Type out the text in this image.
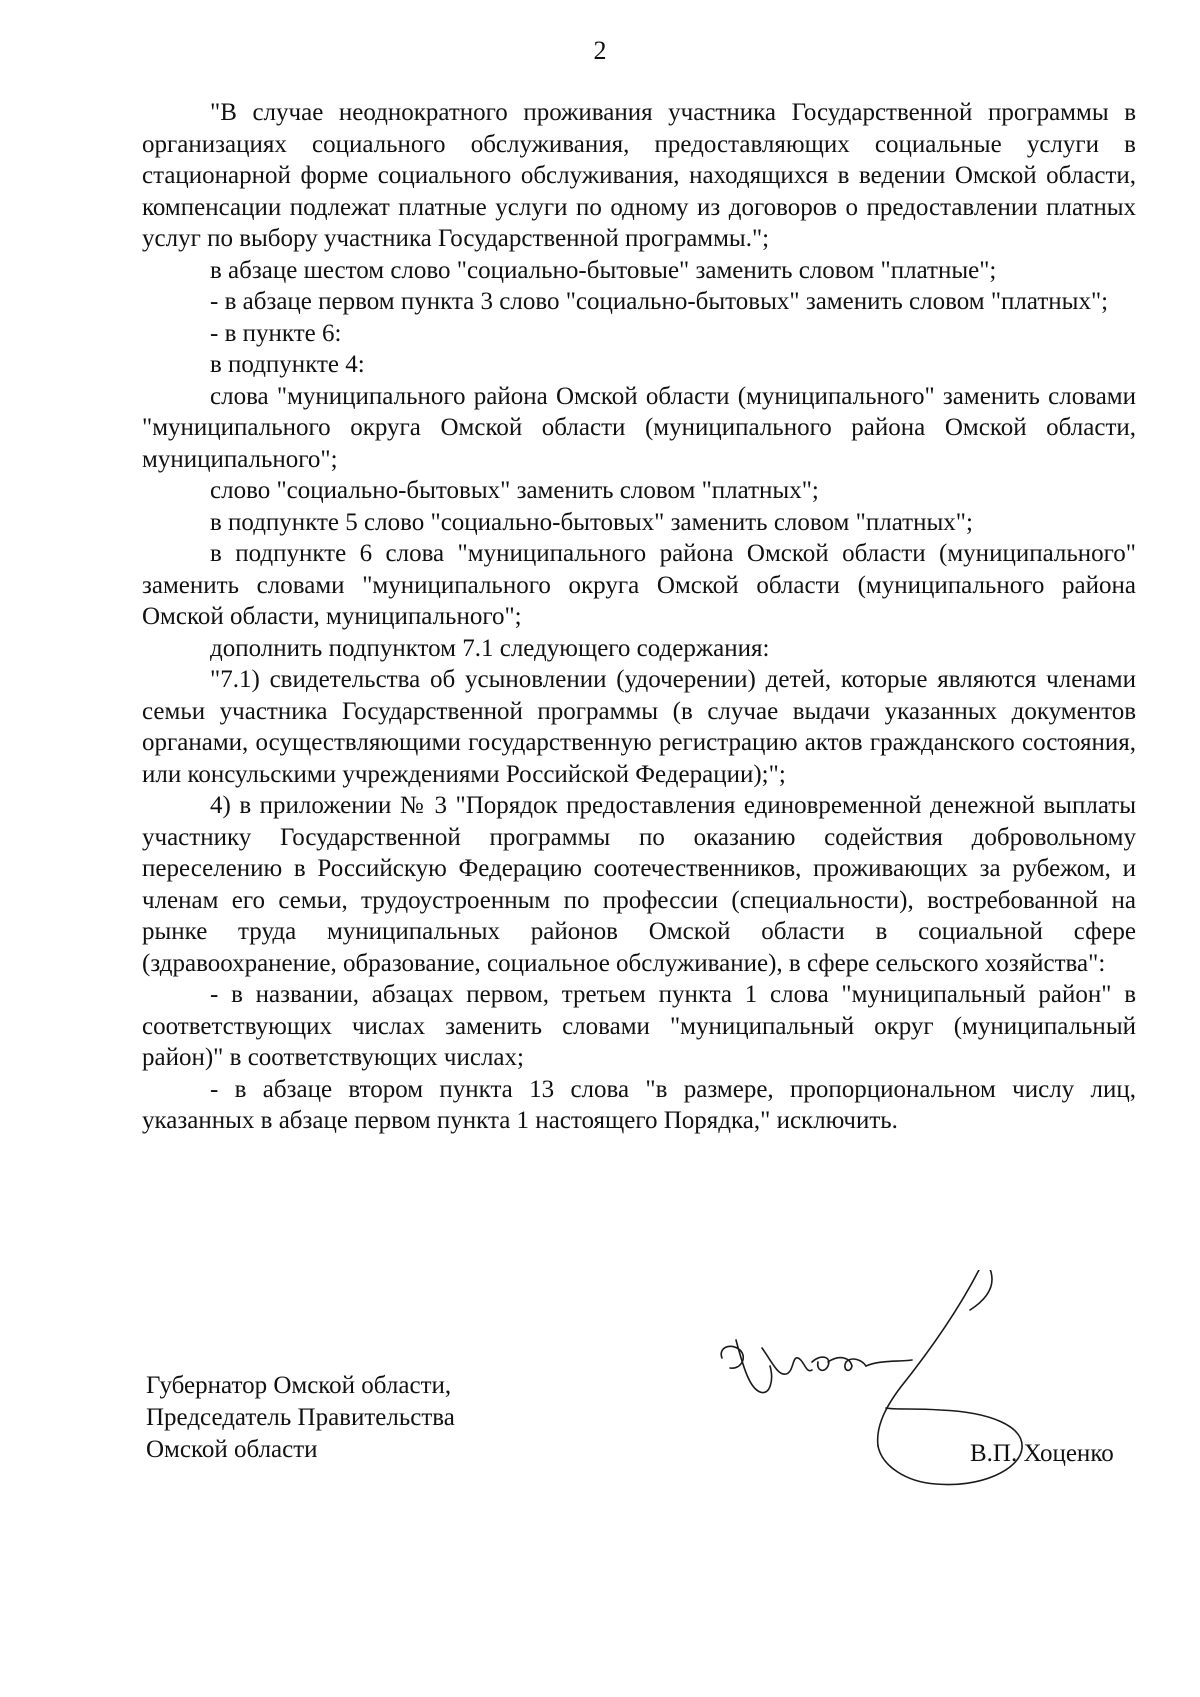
2

"В случае неоднократного проживания участника Государственной программы в организациях социального обслуживания, предоставляющих социальные услуги в стационарной форме социального обслуживания, находящихся в ведении Омской области, компенсации подлежат платные услуги по одному из договоров о предоставлении платных услуг по выбору участника Государственной программы.";

в абзаце шестом слово "социально-бытовые" заменить словом "платные";

- в абзаце первом пункта 3 слово "социально-бытовых" заменить словом "платных";

- в пункте 6:

в подпункте 4:

слова "муниципального района Омской области (муниципального" заменить словами "муниципального округа Омской области (муниципального района Омской области, муниципального";

слово "социально-бытовых" заменить словом "платных";

в подпункте 5 слово "социально-бытовых" заменить словом "платных";

в подпункте 6 слова "муниципального района Омской области (муниципального" заменить словами "муниципального округа Омской области (муниципального района Омской области, муниципального";

дополнить подпунктом 7.1 следующего содержания:

"7.1) свидетельства об усыновлении (удочерении) детей, которые являются членами семьи участника Государственной программы (в случае выдачи указанных документов органами, осуществляющими государственную регистрацию актов гражданского состояния, или консульскими учреждениями Российской Федерации);";

4) в приложении № 3 "Порядок предоставления единовременной денежной выплаты участнику Государственной программы по оказанию содействия добровольному переселению в Российскую Федерацию соотечественников, проживающих за рубежом, и членам его семьи, трудоустроенным по профессии (специальности), востребованной на рынке труда муниципальных районов Омской области в социальной сфере (здравоохранение, образование, социальное обслуживание), в сфере сельского хозяйства":

- в названии, абзацах первом, третьем пункта 1 слова "муниципальный район" в соответствующих числах заменить словами "муниципальный округ (муниципальный район)" в соответствующих числах;

- в абзаце втором пункта 13 слова "в размере, пропорциональном числу лиц, указанных в абзаце первом пункта 1 настоящего Порядка," исключить.

Губернатор Омской области,
Председатель Правительства
Омской области	В.П. Хоценко
